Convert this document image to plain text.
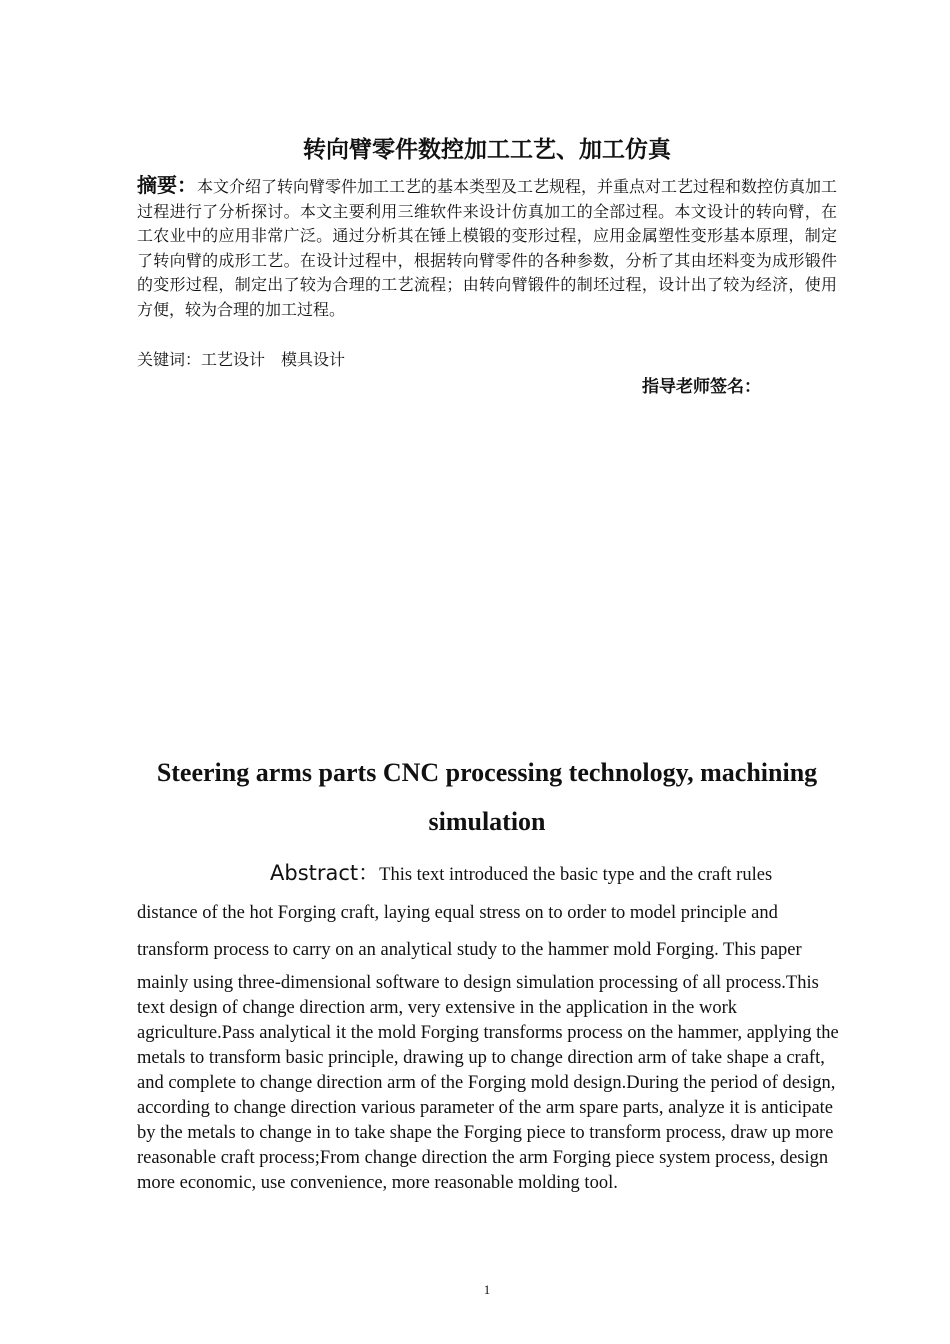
转向臂零件数控加工工艺、加工仿真

摘要：本文介绍了转向臂零件加工工艺的基本类型及工艺规程，并重点对工艺过程和数控仿真加工过程进行了分析探讨。本文主要利用三维软件来设计仿真加工的全部过程。本文设计的转向臂，在工农业中的应用非常广泛。通过分析其在锤上模锻的变形过程，应用金属塑性变形基本原理，制定了转向臂的成形工艺。在设计过程中，根据转向臂零件的各种参数，分析了其由坯料变为成形锻件的变形过程，制定出了较为合理的工艺流程；由转向臂锻件的制坯过程，设计出了较为经济，使用方便，较为合理的加工过程。

关键词：工艺设计　模具设计

指导老师签名：
Steering arms parts CNC processing technology, machining simulation

Abstract：This text introduced the basic type and the craft rules distance of the hot Forging craft, laying equal stress on to order to model principle and transform process to carry on an analytical study to the hammer mold Forging. This paper

mainly using three-dimensional software to design simulation processing of all process.This text design of change direction arm, very extensive in the application in the work agriculture.Pass analytical it the mold Forging transforms process on the hammer, applying the metals to transform basic principle, drawing up to change direction arm of take shape a craft, and complete to change direction arm of the Forging mold design.During the period of design, according to change direction various parameter of the arm spare parts, analyze it is anticipate by the metals to change in to take shape the Forging piece to transform process, draw up more reasonable craft process;From change direction the arm Forging piece system process, design more economic, use convenience, more reasonable molding tool.

1
